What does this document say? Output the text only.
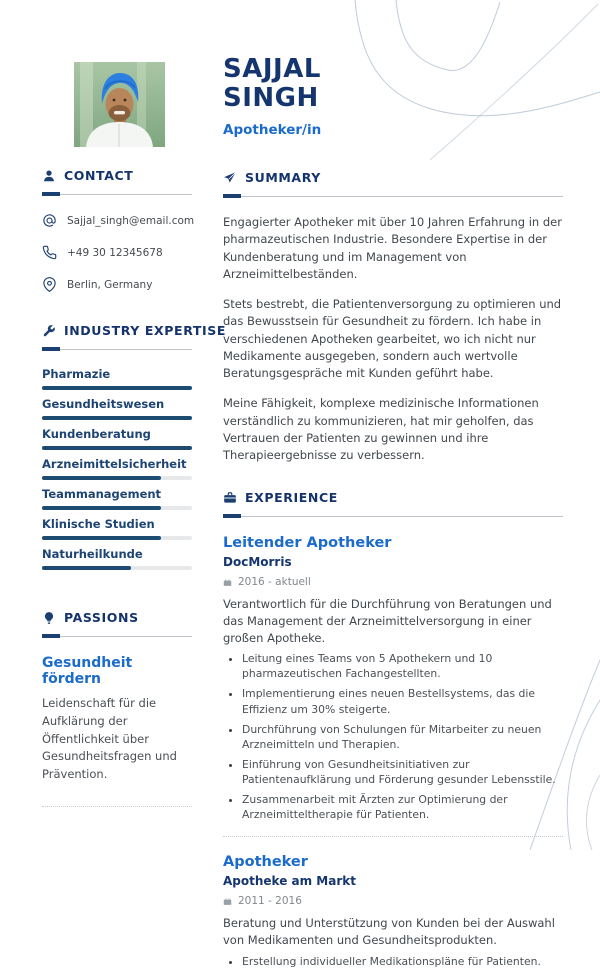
SAJJAL
SINGH
Apotheker/in
CONTACT
Sajjal_singh@email.com
+49 30 12345678
Berlin, Germany
INDUSTRY EXPERTISE
Pharmazie
Gesundheitswesen
Kundenberatung
Arzneimittelsicherheit
Teammanagement
Klinische Studien
Naturheilkunde
PASSIONS
Gesundheit fördern
Leidenschaft für die Aufklärung der Öffentlichkeit über Gesundheitsfragen und Prävention.
SUMMARY

Engagierter Apotheker mit über 10 Jahren Erfahrung in der pharmazeutischen Industrie. Besondere Expertise in der Kundenberatung und im Management von Arzneimittelbeständen.

Stets bestrebt, die Patientenversorgung zu optimieren und das Bewusstsein für Gesundheit zu fördern. Ich habe in verschiedenen Apotheken gearbeitet, wo ich nicht nur Medikamente ausgegeben, sondern auch wertvolle Beratungsgespräche mit Kunden geführt habe.

Meine Fähigkeit, komplexe medizinische Informationen verständlich zu kommunizieren, hat mir geholfen, das Vertrauen der Patienten zu gewinnen und ihre Therapieergebnisse zu verbessern.

EXPERIENCE
Leitender Apotheker
DocMorris
2016 - aktuell
Verantwortlich für die Durchführung von Beratungen und das Management der Arzneimittelversorgung in einer großen Apotheke.
• Leitung eines Teams von 5 Apothekern und 10 pharmazeutischen Fachangestellten.
• Implementierung eines neuen Bestellsystems, das die Effizienz um 30% steigerte.
• Durchführung von Schulungen für Mitarbeiter zu neuen Arzneimitteln und Therapien.
• Einführung von Gesundheitsinitiativen zur Patientenaufklärung und Förderung gesunder Lebensstile.
• Zusammenarbeit mit Ärzten zur Optimierung der Arzneimitteltherapie für Patienten.
Apotheker
Apotheke am Markt
2011 - 2016
Beratung und Unterstützung von Kunden bei der Auswahl von Medikamenten und Gesundheitsprodukten.
• Erstellung individueller Medikationspläne für Patienten.
